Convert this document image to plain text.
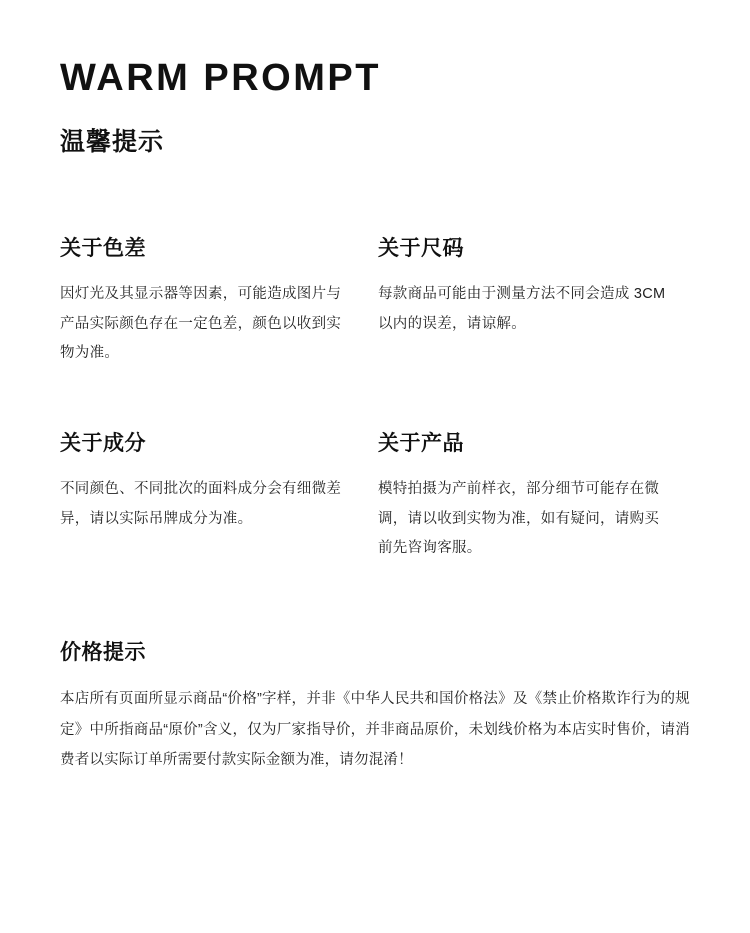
WARM PROMPT
温馨提示
关于色差

因灯光及其显示器等因素，可能造成图片与产品实际颜色存在一定色差，颜色以收到实物为准。

关于尺码

每款商品可能由于测量方法不同会造成 3CM 以内的误差，请谅解。

关于成分

不同颜色、不同批次的面料成分会有细微差异，请以实际吊牌成分为准。

关于产品

模特拍摄为产前样衣，部分细节可能存在微调，请以收到实物为准，如有疑问，请购买前先咨询客服。

价格提示

本店所有页面所显示商品“价格”字样，并非《中华人民共和国价格法》及《禁止价格欺诈行为的规定》中所指商品“原价”含义，仅为厂家指导价，并非商品原价，未划线价格为本店实时售价，请消费者以实际订单所需要付款实际金额为准，请勿混淆！
